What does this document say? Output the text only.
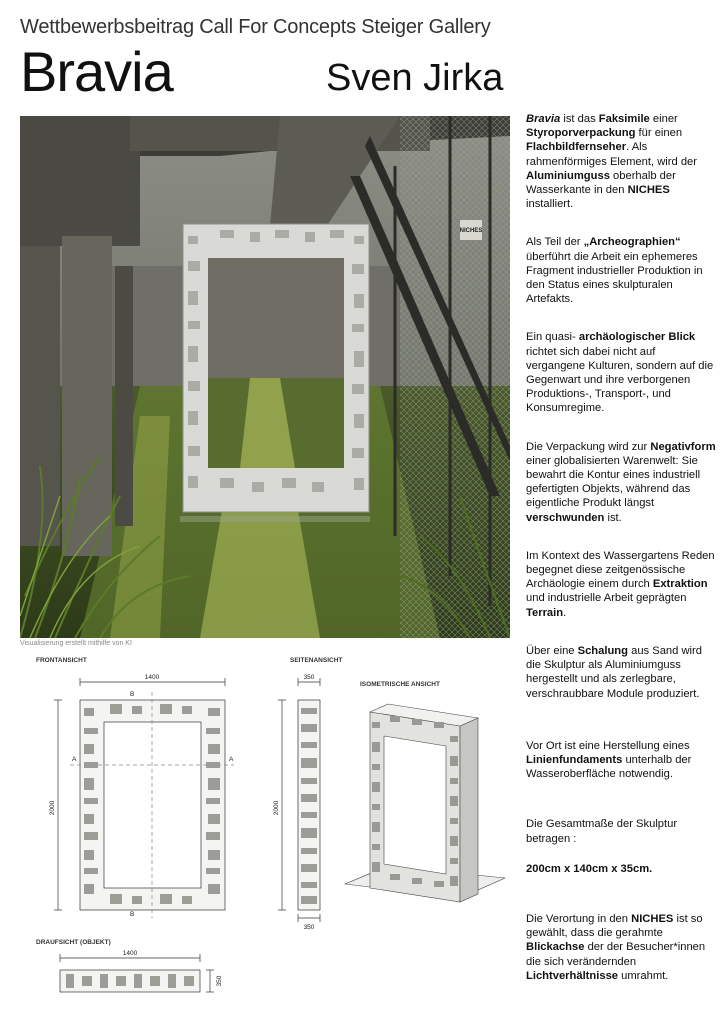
Wettbewerbsbeitrag Call For Concepts Steiger Gallery
Bravia	Sven Jirka
NICHES
Visualisierung erstellt mithilfe von KI
FRONTANSICHT	SEITENANSICHT
ISOMETRISCHE ANSICHT
DRAUFSICHT (OBJEKT)
1400
2000
B
B
A	A
350
2000
350
1400
350

Bravia ist das Faksimile einer Styroporverpackung für einen Flachbildfernseher. Als rahmenförmiges Element, wird der Aluminiumguss oberhalb der Wasserkante in den NICHES installiert.

Als Teil der „Archeographien“ überführt die Arbeit ein ephemeres Fragment industrieller Produktion in den Status eines skulpturalen Artefakts.

Ein quasi- archäologischer Blick richtet sich dabei nicht auf vergangene Kulturen, sondern auf die Gegenwart und ihre verborgenen Produktions-, Transport-, und Konsumregime.

Die Verpackung wird zur Negativform einer globalisierten Warenwelt: Sie bewahrt die Kontur eines industriell gefertigten Objekts, während das eigentliche Produkt längst verschwunden ist.

Im Kontext des Wassergartens Reden begegnet diese zeitgenössische Archäologie einem durch Extraktion und industrielle Arbeit geprägten Terrain.

Über eine Schalung aus Sand wird die Skulptur als Aluminiumguss hergestellt und als zerlegbare, verschraubbare Module produziert.

Vor Ort ist eine Herstellung eines Linienfundaments unterhalb der Wasseroberfläche notwendig.

Die Gesamtmaße der Skulptur betragen :

200cm x 140cm x 35cm.

Die Verortung in den NICHES ist so gewählt, dass die gerahmte Blickachse der der Besucher*innen die sich verändernden Lichtverhältnisse umrahmt.
